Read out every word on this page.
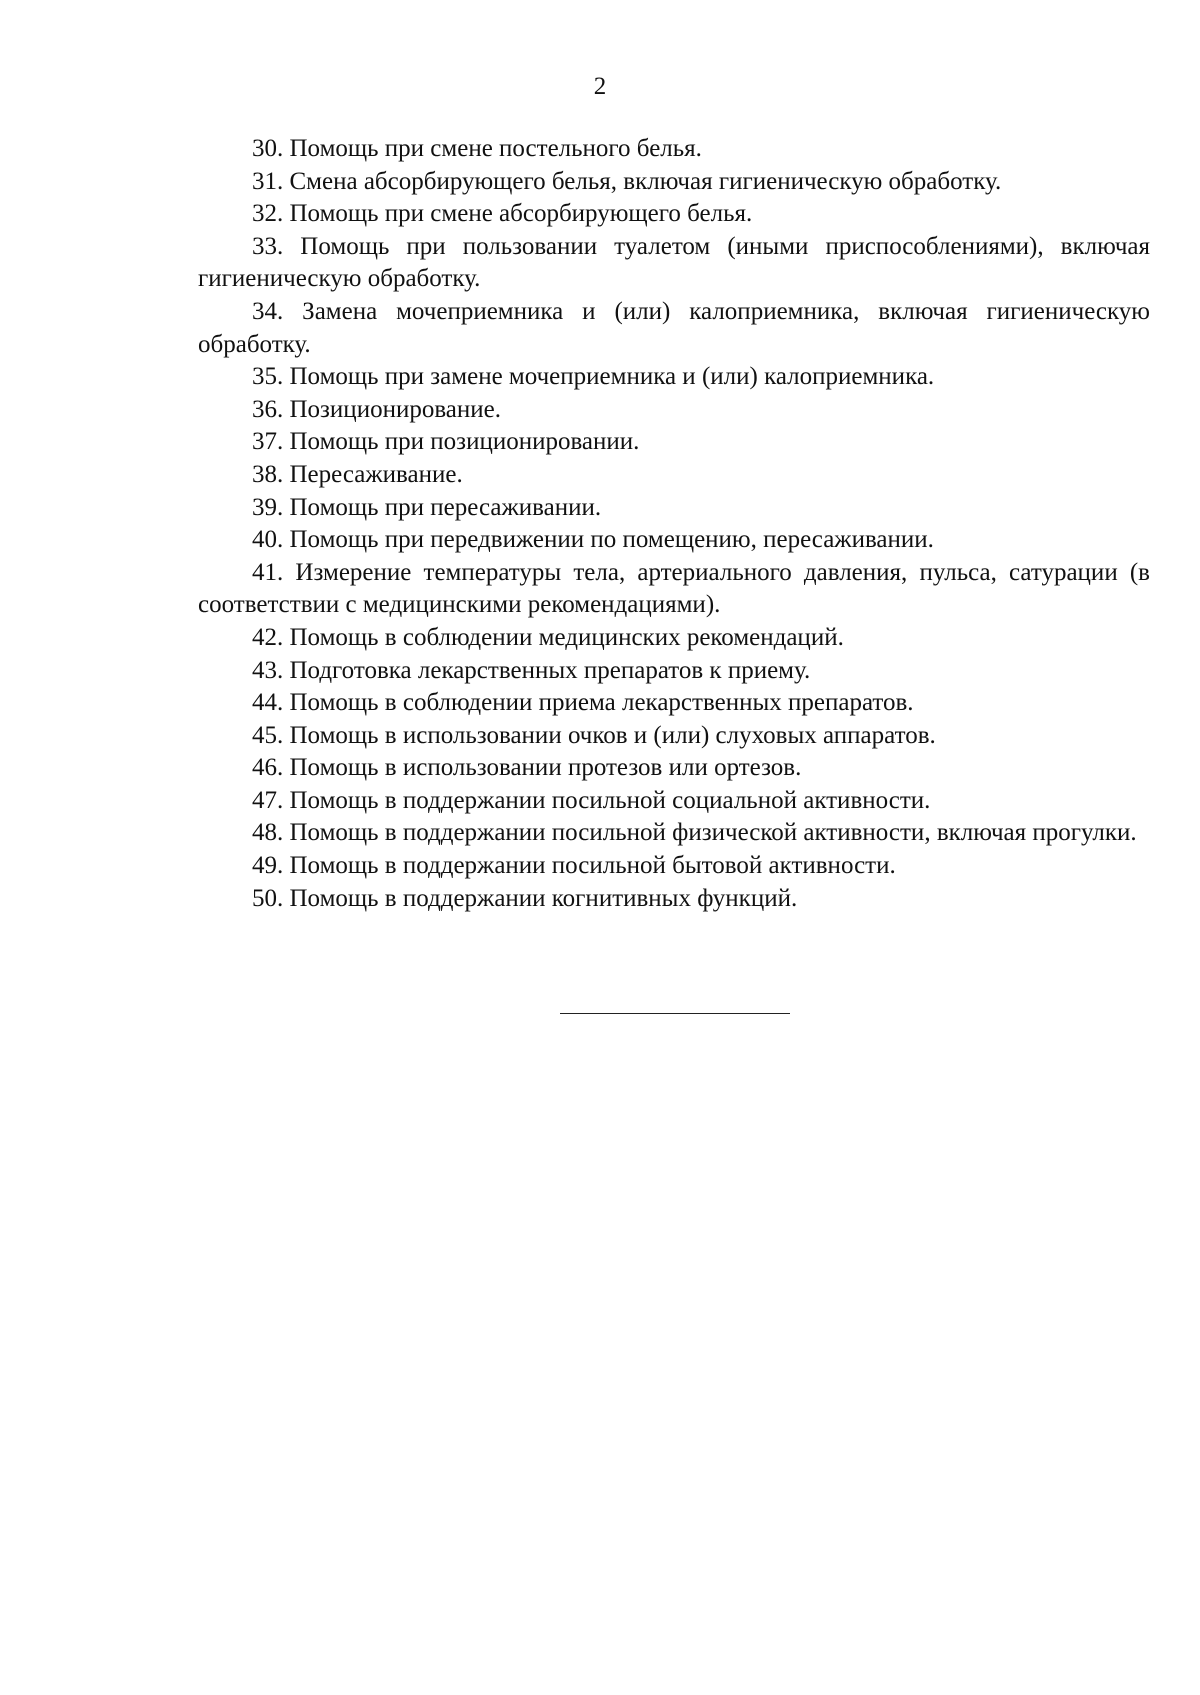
2
30. Помощь при смене постельного белья.
31. Смена абсорбирующего белья, включая гигиеническую обработку.
32. Помощь при смене абсорбирующего белья.
33. Помощь при пользовании туалетом (иными приспособлениями), включая гигиеническую обработку.
34. Замена мочеприемника и (или) калоприемника, включая гигиеническую обработку.
35. Помощь при замене мочеприемника и (или) калоприемника.
36. Позиционирование.
37. Помощь при позиционировании.
38. Пересаживание.
39. Помощь при пересаживании.
40. Помощь при передвижении по помещению, пересаживании.
41. Измерение температуры тела, артериального давления, пульса, сатурации (в соответствии с медицинскими рекомендациями).
42. Помощь в соблюдении медицинских рекомендаций.
43. Подготовка лекарственных препаратов к приему.
44. Помощь в соблюдении приема лекарственных препаратов.
45. Помощь в использовании очков и (или) слуховых аппаратов.
46. Помощь в использовании протезов или ортезов.
47. Помощь в поддержании посильной социальной активности.
48. Помощь в поддержании посильной физической активности, включая прогулки.
49. Помощь в поддержании посильной бытовой активности.
50. Помощь в поддержании когнитивных функций.
